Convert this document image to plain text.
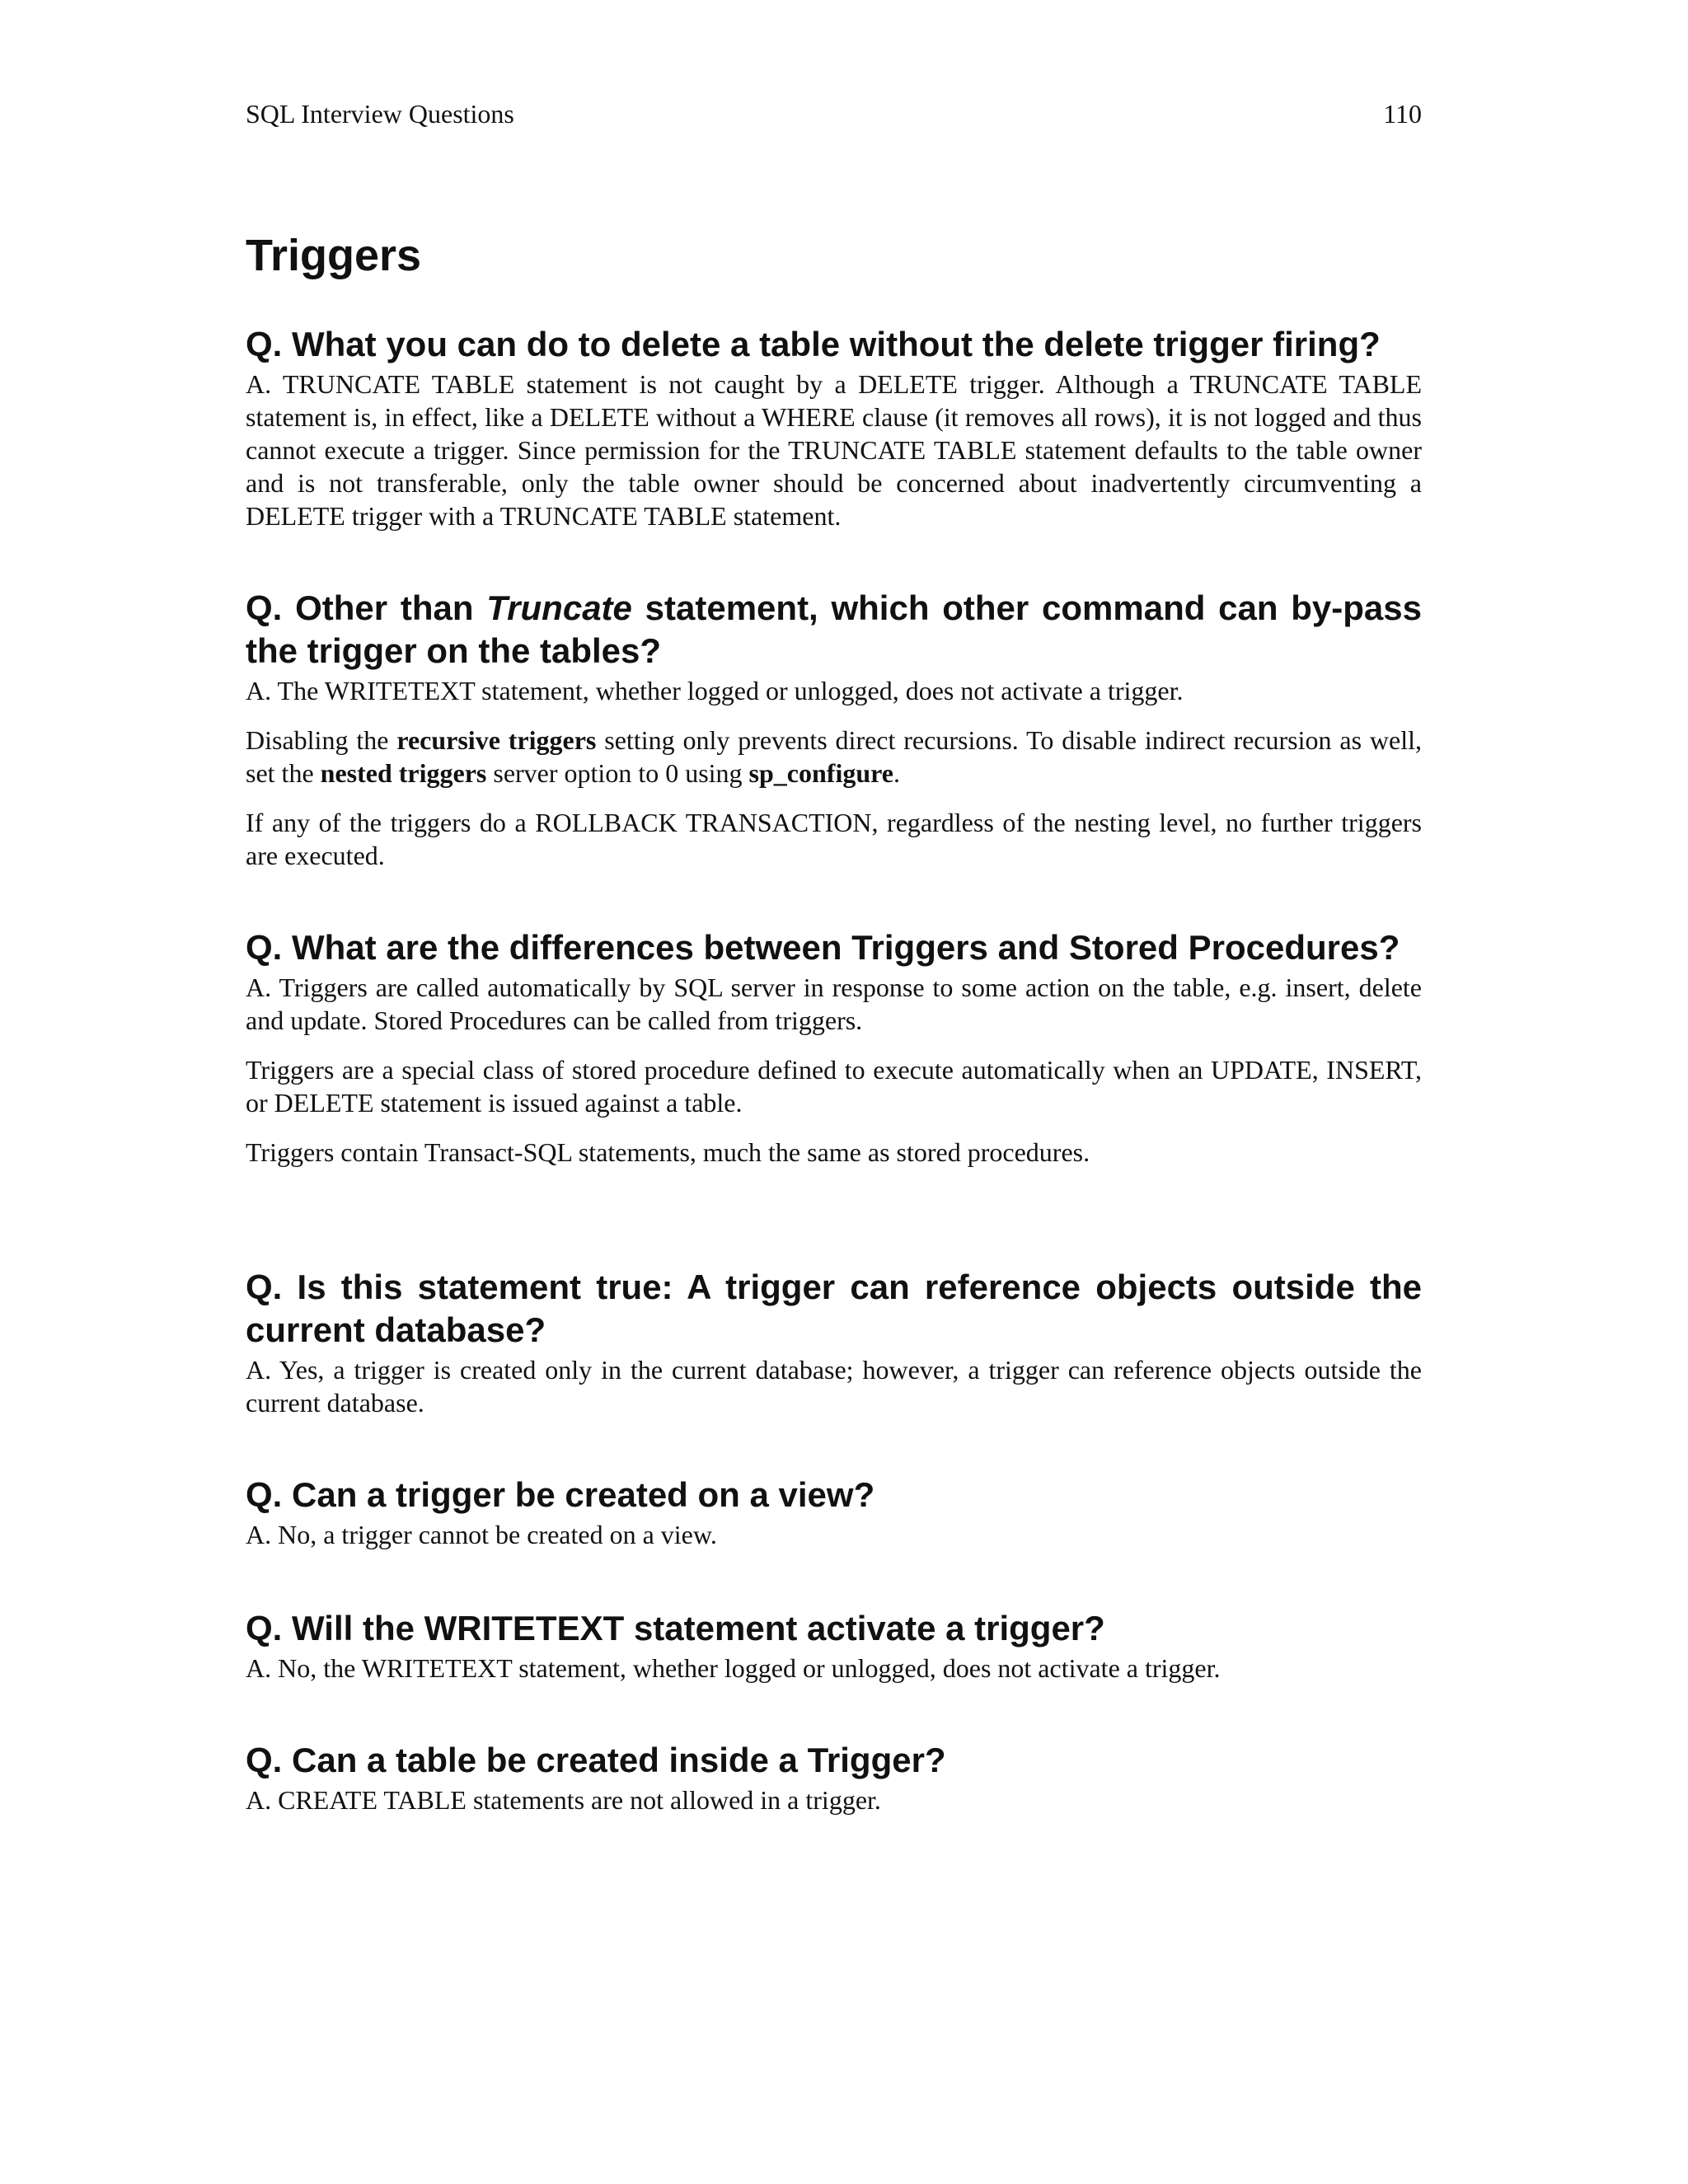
SQL Interview Questions	110
Triggers

Q. What you can do to delete a table without the delete trigger firing?

A. TRUNCATE TABLE statement is not caught by a DELETE trigger. Although a TRUNCATE TABLE statement is, in effect, like a DELETE without a WHERE clause (it removes all rows), it is not logged and thus cannot execute a trigger. Since permission for the TRUNCATE TABLE statement defaults to the table owner and is not transferable, only the table owner should be concerned about inadvertently circumventing a DELETE trigger with a TRUNCATE TABLE statement.

Q. Other than Truncate statement, which other command can by-pass the trigger on the tables?

A. The WRITETEXT statement, whether logged or unlogged, does not activate a trigger.

Disabling the recursive triggers setting only prevents direct recursions. To disable indirect recursion as well, set the nested triggers server option to 0 using sp_configure.

If any of the triggers do a ROLLBACK TRANSACTION, regardless of the nesting level, no further triggers are executed.

Q. What are the differences between Triggers and Stored Procedures?

A. Triggers are called automatically by SQL server in response to some action on the table, e.g. insert, delete and update. Stored Procedures can be called from triggers.

Triggers are a special class of stored procedure defined to execute automatically when an UPDATE, INSERT, or DELETE statement is issued against a table.

Triggers contain Transact-SQL statements, much the same as stored procedures.

Q. Is this statement true: A trigger can reference objects outside the current database?

A. Yes, a trigger is created only in the current database; however, a trigger can reference objects outside the current database.

Q. Can a trigger be created on a view?

A. No, a trigger cannot be created on a view.

Q. Will the WRITETEXT statement activate a trigger?

A. No, the WRITETEXT statement, whether logged or unlogged, does not activate a trigger.

Q. Can a table be created inside a Trigger?

A. CREATE TABLE statements are not allowed in a trigger.
